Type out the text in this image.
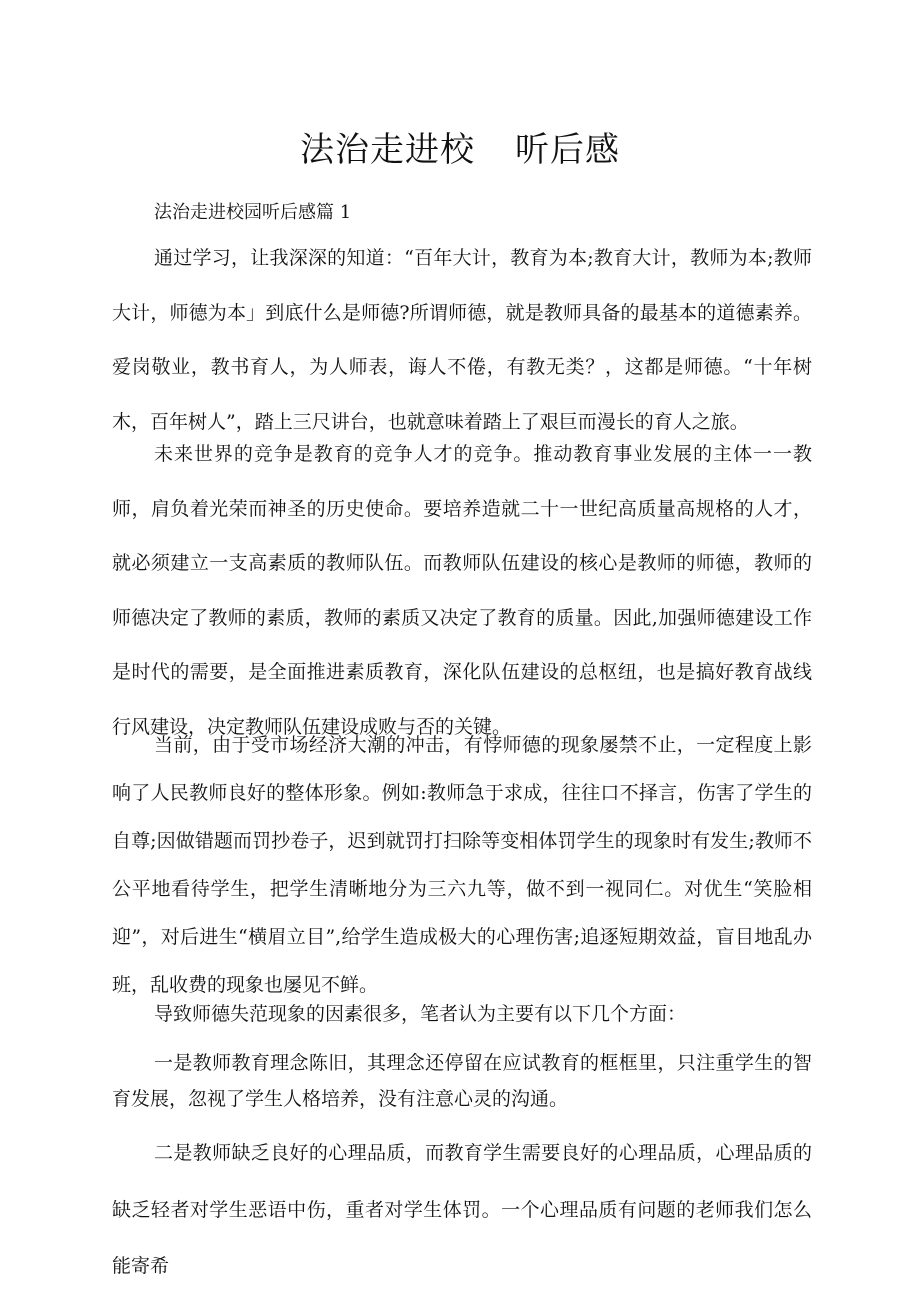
法治走进校 听后感
法治走进校园听后感篇 1

通过学习，让我深深的知道：“百年大计，教育为本;教育大计，教师为本;教师大计，师德为本」到底什么是师德?所谓师德，就是教师具备的最基本的道德素养。爱岗敬业，教书育人，为人师表，诲人不倦，有教无类？，这都是师德。“十年树木，百年树人”，踏上三尺讲台，也就意味着踏上了艰巨而漫长的育人之旅。

未来世界的竞争是教育的竞争人才的竞争。推动教育事业发展的主体一一教师，肩负着光荣而神圣的历史使命。要培养造就二十一世纪高质量高规格的人才，就必须建立一支高素质的教师队伍。而教师队伍建设的核心是教师的师德，教师的师德决定了教师的素质，教师的素质又决定了教育的质量。因此,加强师德建设工作是时代的需要，是全面推进素质教育，深化队伍建设的总枢纽，也是搞好教育战线行风建设，决定教师队伍建设成败与否的关键。

当前，由于受市场经济大潮的冲击，有悖师德的现象屡禁不止，一定程度上影响了人民教师良好的整体形象。例如:教师急于求成，往往口不择言，伤害了学生的自尊;因做错题而罚抄卷子，迟到就罚打扫除等变相体罚学生的现象时有发生;教师不公平地看待学生，把学生清晰地分为三六九等，做不到一视同仁。对优生“笑脸相迎”，对后进生“横眉立目”,给学生造成极大的心理伤害;追逐短期效益，盲目地乱办班，乱收费的现象也屡见不鲜。

导致师德失范现象的因素很多，笔者认为主要有以下几个方面：

一是教师教育理念陈旧，其理念还停留在应试教育的框框里，只注重学生的智育发展，忽视了学生人格培养，没有注意心灵的沟通。

二是教师缺乏良好的心理品质，而教育学生需要良好的心理品质，心理品质的缺乏轻者对学生恶语中伤，重者对学生体罚。一个心理品质有问题的老师我们怎么能寄希
